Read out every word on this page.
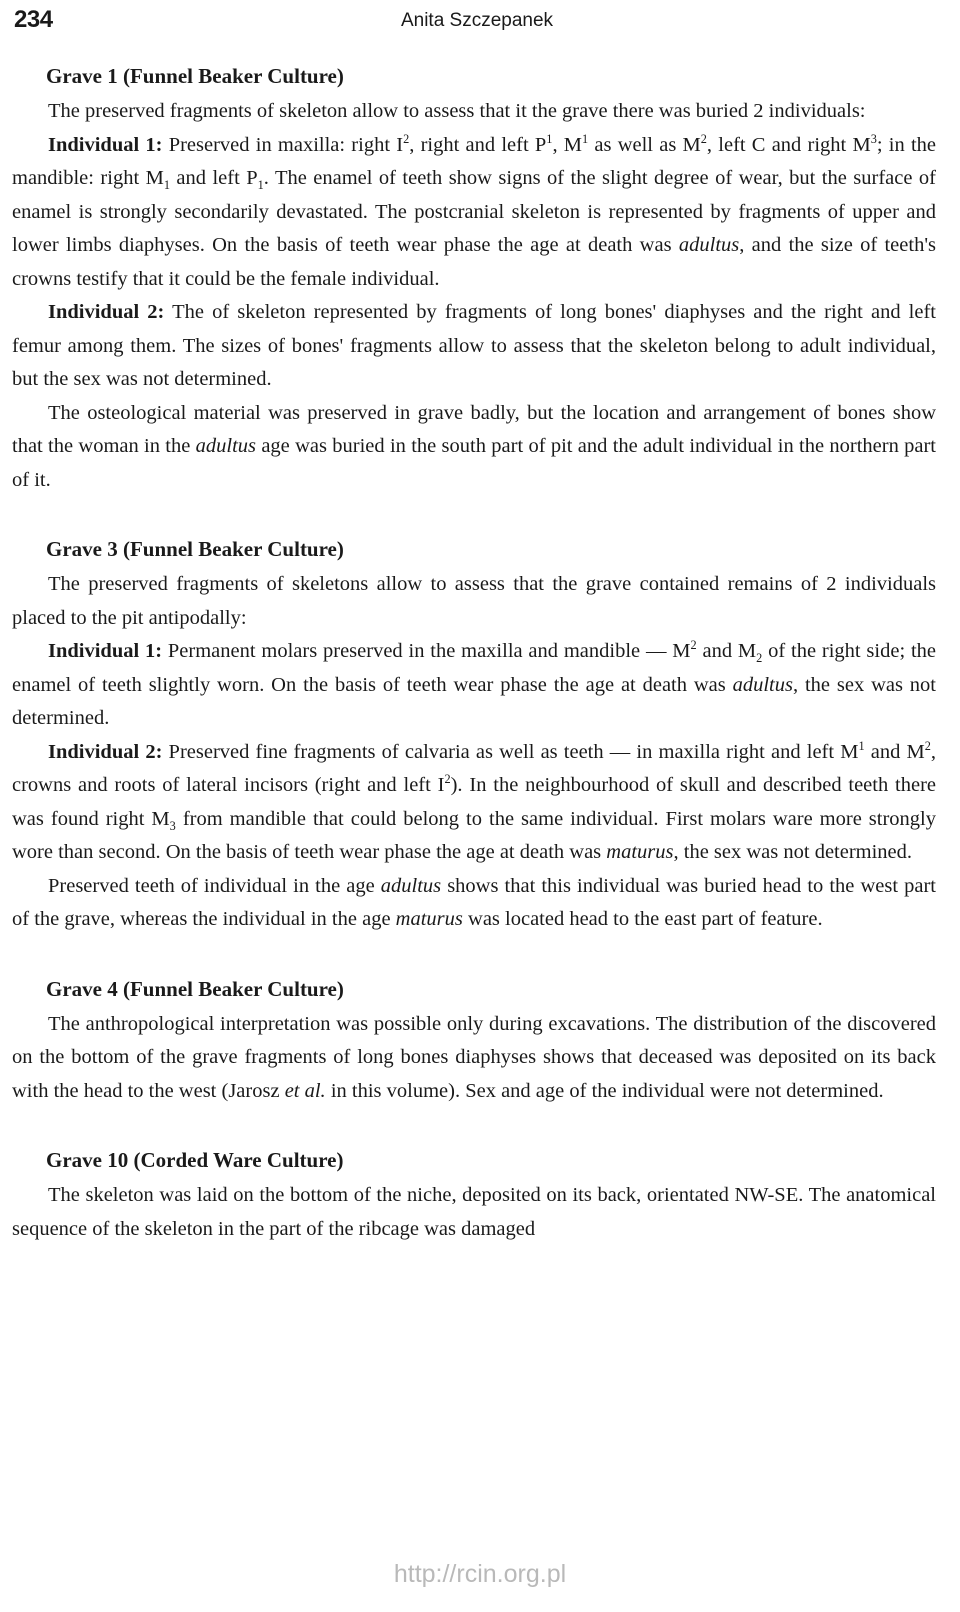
234	Anita Szczepanek
Grave 1 (Funnel Beaker Culture)

The preserved fragments of skeleton allow to assess that it the grave there was buried 2 individuals:

Individual 1: Preserved in maxilla: right $I^2$, right and left $P^1$, $M^1$ as well as $M^2$, left C and right $M^3$; in the mandible: right $M_1$ and left $P_1$. The enamel of teeth show signs of the slight degree of wear, but the surface of enamel is strongly secondarily devastated. The postcranial skeleton is represented by fragments of upper and lower limbs diaphyses. On the basis of teeth wear phase the age at death was adultus, and the size of teeth's crowns testify that it could be the female individual.

Individual 2: The of skeleton represented by fragments of long bones' diaphyses and the right and left femur among them. The sizes of bones' fragments allow to assess that the skeleton belong to adult individual, but the sex was not determined.

The osteological material was preserved in grave badly, but the location and arrangement of bones show that the woman in the adultus age was buried in the south part of pit and the adult individual in the northern part of it.

Grave 3 (Funnel Beaker Culture)

The preserved fragments of skeletons allow to assess that the grave contained remains of 2 individuals placed to the pit antipodally:

Individual 1: Permanent molars preserved in the maxilla and mandible — $M^2$ and $M_2$ of the right side; the enamel of teeth slightly worn. On the basis of teeth wear phase the age at death was adultus, the sex was not determined.

Individual 2: Preserved fine fragments of calvaria as well as teeth — in maxilla right and left $M^1$ and $M^2$, crowns and roots of lateral incisors (right and left $I^2$). In the neighbourhood of skull and described teeth there was found right $M_3$ from mandible that could belong to the same individual. First molars ware more strongly wore than second. On the basis of teeth wear phase the age at death was maturus, the sex was not determined.

Preserved teeth of individual in the age adultus shows that this individual was buried head to the west part of the grave, whereas the individual in the age maturus was located head to the east part of feature.

Grave 4 (Funnel Beaker Culture)

The anthropological interpretation was possible only during excavations. The distribution of the discovered on the bottom of the grave fragments of long bones diaphyses shows that deceased was deposited on its back with the head to the west (Jarosz et al. in this volume). Sex and age of the individual were not determined.

Grave 10 (Corded Ware Culture)

The skeleton was laid on the bottom of the niche, deposited on its back, orientated NW-SE. The anatomical sequence of the skeleton in the part of the ribcage was damaged

http://rcin.org.pl
